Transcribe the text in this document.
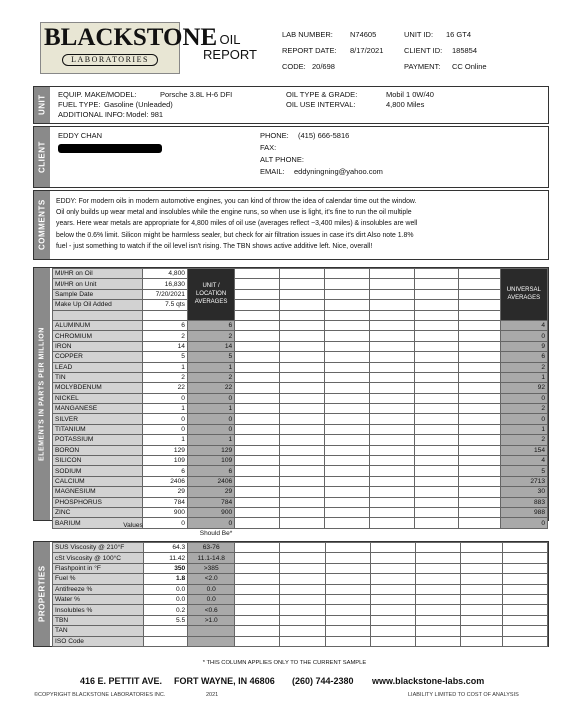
BLACKSTONE
LABORATORIES
OIL
REPORT
LAB NUMBER: N74605
REPORT DATE: 8/17/2021
CODE: 20/698
UNIT ID: 16 GT4
CLIENT ID: 185854
PAYMENT: CC Online
UNIT
EQUIP. MAKE/MODEL:	Porsche 3.8L H-6 DFI
FUEL TYPE: Gasoline (Unleaded)
ADDITIONAL INFO: Model: 981
OIL TYPE & GRADE:	Mobil 1 0W/40
OIL USE INTERVAL:	4,800 Miles
CLIENT
EDDY CHAN	PHONE: (415) 666-5816
FAX:
ALT PHONE:
EMAIL: eddyningning@yahoo.com
COMMENTS	EDDY: For modern oils in modern automotive engines, you can kind of throw the idea of calendar time out the window.
Oil only builds up wear metal and insolubles while the engine runs, so when use is light, it's fine to run the oil multiple
years. Here wear metals are appropriate for 4,800 miles of oil use (averages reflect ~3,400 miles) & insolubles are well
below the 0.6% limit. Silicon might be harmless sealer, but check for air filtration issues in case it's dirt Also note 1.8%
fuel - just something to watch if the oil level isn't rising. The TBN shows active additive left. Nice, overall!
ELEMENTS IN PARTS PER MILLION
MI/HR on Oil	4,800	UNIT / LOCATION AVERAGES							UNIVERSAL AVERAGES
MI/HR on Unit	16,830								
Sample Date	7/20/2021								
Make Up Oil Added	7.5 qts								

ALUMINUM	6	6							4
CHROMIUM	2	2							0
IRON	14	14							9
COPPER	5	5							6
LEAD	1	1							2
TIN	2	2							1
MOLYBDENUM	22	22							92
NICKEL	0	0							0
MANGANESE	1	1							2
SILVER	0	0							0
TITANIUM	0	0							1
POTASSIUM	1	1							2
BORON	129	129							154
SILICON	109	109							4
SODIUM	6	6							5
CALCIUM	2406	2406							2713
MAGNESIUM	29	29							30
PHOSPHORUS	784	784							883
ZINC	900	900							988
BARIUM	0	0							0
Values
Should Be*
PROPERTIES
SUS Viscosity @ 210°F	64.3	63-76							
cSt Viscosity @ 100°C	11.42	11.1-14.8							
Flashpoint in °F	350	>385							
Fuel %	1.8	<2.0							
Antifreeze %	0.0	0.0							
Water %	0.0	0.0							
Insolubles %	0.2	<0.6							
TBN	5.5	>1.0							
TAN									
ISO Code									
* THIS COLUMN APPLIES ONLY TO THE CURRENT SAMPLE
416 E. PETTIT AVE. FORT WAYNE, IN 46806 (260) 744-2380 www.blackstone-labs.com
©COPYRIGHT BLACKSTONE LABORATORIES INC.	2021	LIABILITY LIMITED TO COST OF ANALYSIS
